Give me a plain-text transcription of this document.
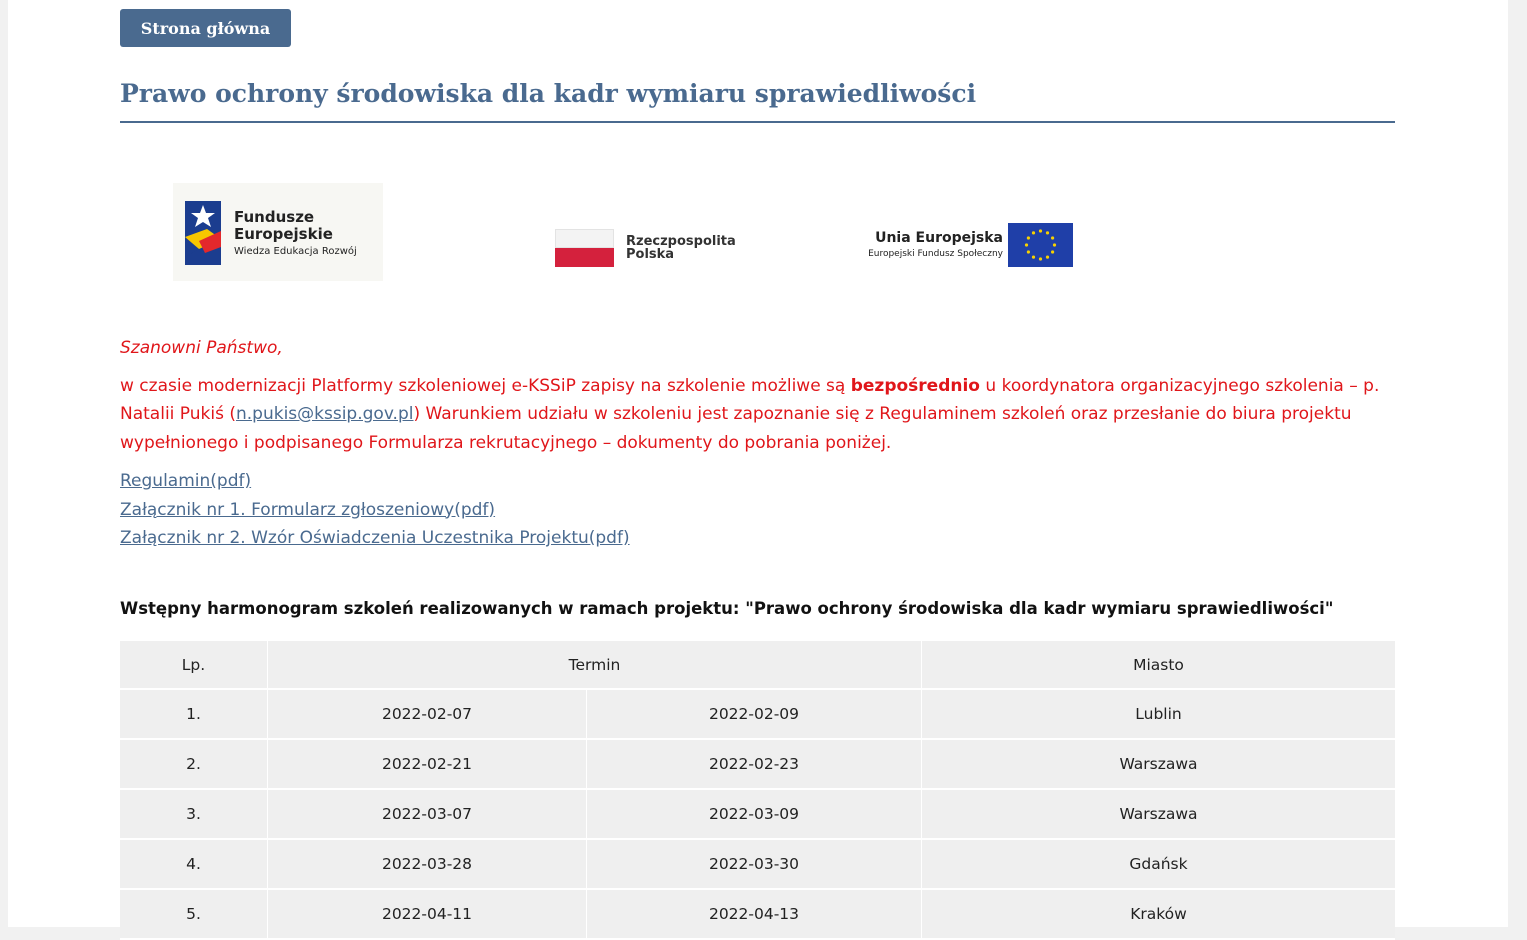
Strona główna
Prawo ochrony środowiska dla kadr wymiaru sprawiedliwości
Fundusze
Europejskie
Wiedza Edukacja Rozwój
Rzeczpospolita
Polska
Unia Europejska
Europejski Fundusz Społeczny

Szanowni Państwo,

w czasie modernizacji Platformy szkoleniowej e-KSSiP zapisy na szkolenie możliwe są bezpośrednio u koordynatora organizacyjnego szkolenia – p. Natalii Pukiś (n.pukis@kssip.gov.pl) Warunkiem udziału w szkoleniu jest zapoznanie się z Regulaminem szkoleń oraz przesłanie do biura projektu wypełnionego i podpisanego Formularza rekrutacyjnego – dokumenty do pobrania poniżej.

Regulamin(pdf)
Załącznik nr 1. Formularz zgłoszeniowy(pdf)
Załącznik nr 2. Wzór Oświadczenia Uczestnika Projektu(pdf)
Wstępny harmonogram szkoleń realizowanych w ramach projektu: "Prawo ochrony środowiska dla kadr wymiaru sprawiedliwości"
Lp.	Termin		Miasto
1.	2022-02-07	2022-02-09	Lublin
2.	2022-02-21	2022-02-23	Warszawa
3.	2022-03-07	2022-03-09	Warszawa
4.	2022-03-28	2022-03-30	Gdańsk
5.	2022-04-11	2022-04-13	Kraków
